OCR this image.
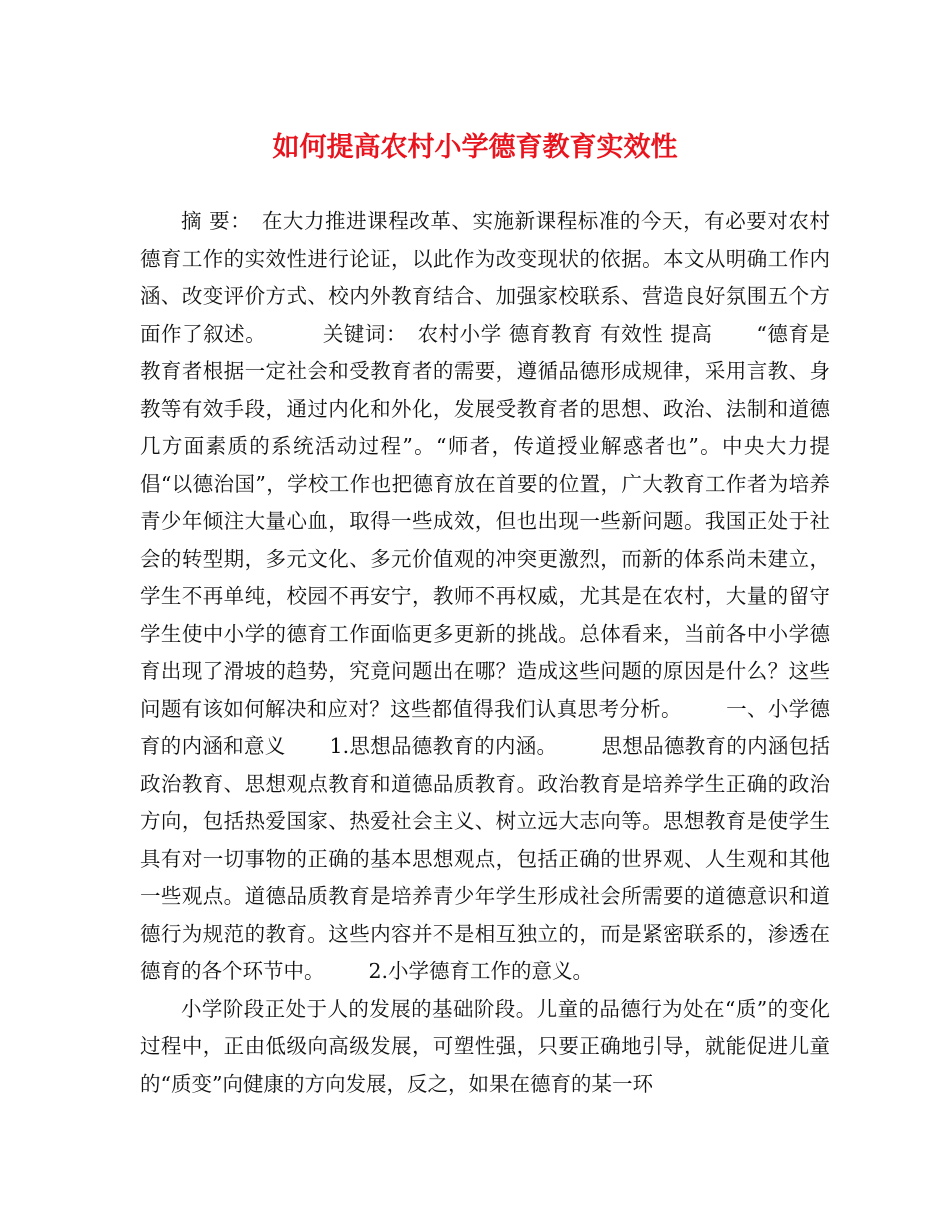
如何提高农村小学德育教育实效性

摘 要： 在大力推进课程改革、实施新课程标准的今天，有必要对农村德育工作的实效性进行论证，以此作为改变现状的依据。本文从明确工作内涵、改变评价方式、校内外教育结合、加强家校联系、营造良好氛围五个方面作了叙述。	关键词： 农村小学 德育教育 有效性 提高 “德育是教育者根据一定社会和受教育者的需要，遵循品德形成规律，采用言教、身教等有效手段，通过内化和外化，发展受教育者的思想、政治、法制和道德几方面素质的系统活动过程”。“师者，传道授业解惑者也”。中央大力提倡“以德治国”，学校工作也把德育放在首要的位置，广大教育工作者为培养青少年倾注大量心血，取得一些成效，但也出现一些新问题。我国正处于社会的转型期，多元文化、多元价值观的冲突更激烈，而新的体系尚未建立，学生不再单纯，校园不再安宁，教师不再权威，尤其是在农村，大量的留守学生使中小学的德育工作面临更多更新的挑战。总体看来，当前各中小学德育出现了滑坡的趋势，究竟问题出在哪？造成这些问题的原因是什么？这些问题有该如何解决和应对？这些都值得我们认真思考分析。 一、小学德育的内涵和意义 1.思想品德教育的内涵。 思想品德教育的内涵包括政治教育、思想观点教育和道德品质教育。政治教育是培养学生正确的政治方向，包括热爱国家、热爱社会主义、树立远大志向等。思想教育是使学生具有对一切事物的正确的基本思想观点，包括正确的世界观、人生观和其他一些观点。道德品质教育是培养青少年学生形成社会所需要的道德意识和道德行为规范的教育。这些内容并不是相互独立的，而是紧密联系的，渗透在德育的各个环节中。 2.小学德育工作的意义。

小学阶段正处于人的发展的基础阶段。儿童的品德行为处在“质”的变化过程中，正由低级向高级发展，可塑性强，只要正确地引导，就能促进儿童的“质变”向健康的方向发展，反之，如果在德育的某一环
